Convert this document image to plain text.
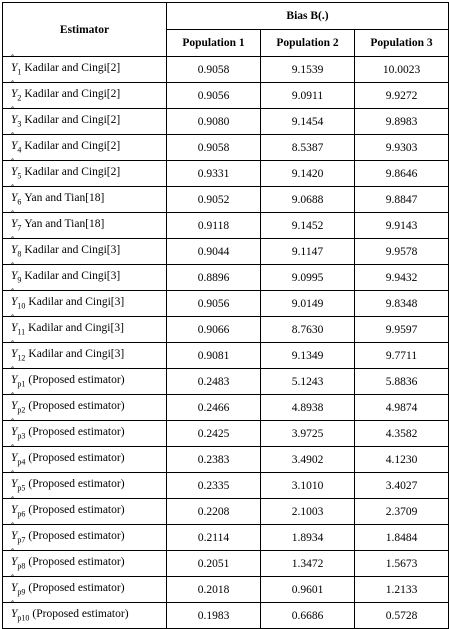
Estimator	Bias B(.)		
	Population 1	Population 2	Population 3

ˆ
$Y_1$ Kadilar and Cingi[2]	0.9058	9.1539	10.0023

ˆ
$Y_2$ Kadilar and Cingi[2]	0.9056	9.0911	9.9272

ˆ
$Y_3$ Kadilar and Cingi[2]	0.9080	9.1454	9.8983

ˆ
$Y_4$ Kadilar and Cingi[2]	0.9058	8.5387	9.9303

ˆ
$Y_5$ Kadilar and Cingi[2]	0.9331	9.1420	9.8646

ˆ
$Y_6$ Yan and Tian[18]	0.9052	9.0688	9.8847

ˆ
$Y_7$ Yan and Tian[18]	0.9118	9.1452	9.9143

ˆ
$Y_8$ Kadilar and Cingi[3]	0.9044	9.1147	9.9578

ˆ
$Y_9$ Kadilar and Cingi[3]	0.8896	9.0995	9.9432

ˆ
$Y_{10}$ Kadilar and Cingi[3]	0.9056	9.0149	9.8348

ˆ
$Y_{11}$ Kadilar and Cingi[3]	0.9066	8.7630	9.9597

ˆ
$Y_{12}$ Kadilar and Cingi[3]	0.9081	9.1349	9.7711

ˆ
$Y_{p1}$ (Proposed estimator)	0.2483	5.1243	5.8836

ˆ
$Y_{p2}$ (Proposed estimator)	0.2466	4.8938	4.9874

ˆ
$Y_{p3}$ (Proposed estimator)	0.2425	3.9725	4.3582

ˆ
$Y_{p4}$ (Proposed estimator)	0.2383	3.4902	4.1230

ˆ
$Y_{p5}$ (Proposed estimator)	0.2335	3.1010	3.4027

ˆ
$Y_{p6}$ (Proposed estimator)	0.2208	2.1003	2.3709

ˆ
$Y_{p7}$ (Proposed estimator)	0.2114	1.8934	1.8484

ˆ
$Y_{p8}$ (Proposed estimator)	0.2051	1.3472	1.5673

ˆ
$Y_{p9}$ (Proposed estimator)	0.2018	0.9601	1.2133

ˆ
$Y_{p10}$ (Proposed estimator)	0.1983	0.6686	0.5728
